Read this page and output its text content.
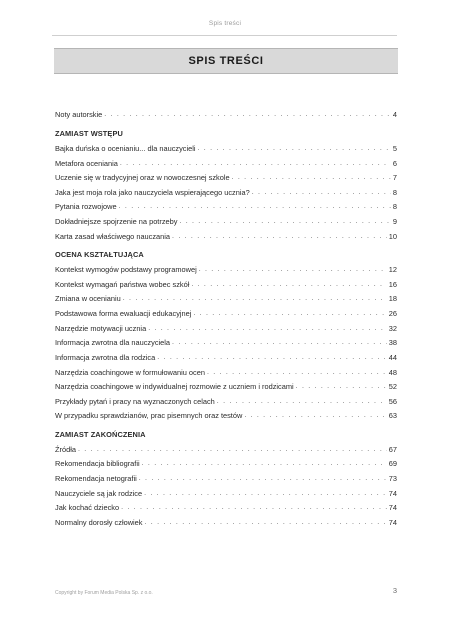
Spis treści
SPIS TREŚCI
Noty autorskie . . .	4
ZAMIAST WSTĘPU
Bajka duńska o ocenianiu... dla nauczycieli . . .	5
Metafora oceniania . . .	6
Uczenie się w tradycyjnej oraz w nowoczesnej szkole . . .	7
Jaka jest moja rola jako nauczyciela wspierającego ucznia? . . .	8
Pytania rozwojowe . . .	8
Dokładniejsze spojrzenie na potrzeby . . .	9
Karta zasad właściwego nauczania . . .	10
OCENA KSZTAŁTUJĄCA
Kontekst wymogów podstawy programowej . . .	12
Kontekst wymagań państwa wobec szkół . . .	16
Zmiana w ocenianiu . . .	18
Podstawowa forma ewaluacji edukacyjnej . . .	26
Narzędzie motywacji ucznia . . .	32
Informacja zwrotna dla nauczyciela . . .	38
Informacja zwrotna dla rodzica . . .	44
Narzędzia coachingowe w formułowaniu ocen . . .	48
Narzędzia coachingowe w indywidualnej rozmowie z uczniem i rodzicami . . .	52
Przykłady pytań i pracy na wyznaczonych celach . . .	56
W przypadku sprawdzianów, prac pisemnych oraz testów . . .	63
ZAMIAST ZAKOŃCZENIA
Źródła . . .	67
Rekomendacja bibliografii . . .	69
Rekomendacja netografii . . .	73
Nauczyciele są jak rodzice . . .	74
Jak kochać dziecko . . .	74
Normalny dorosły człowiek . . .	74
Copyright by Forum Media Polska Sp. z o.o.	3
